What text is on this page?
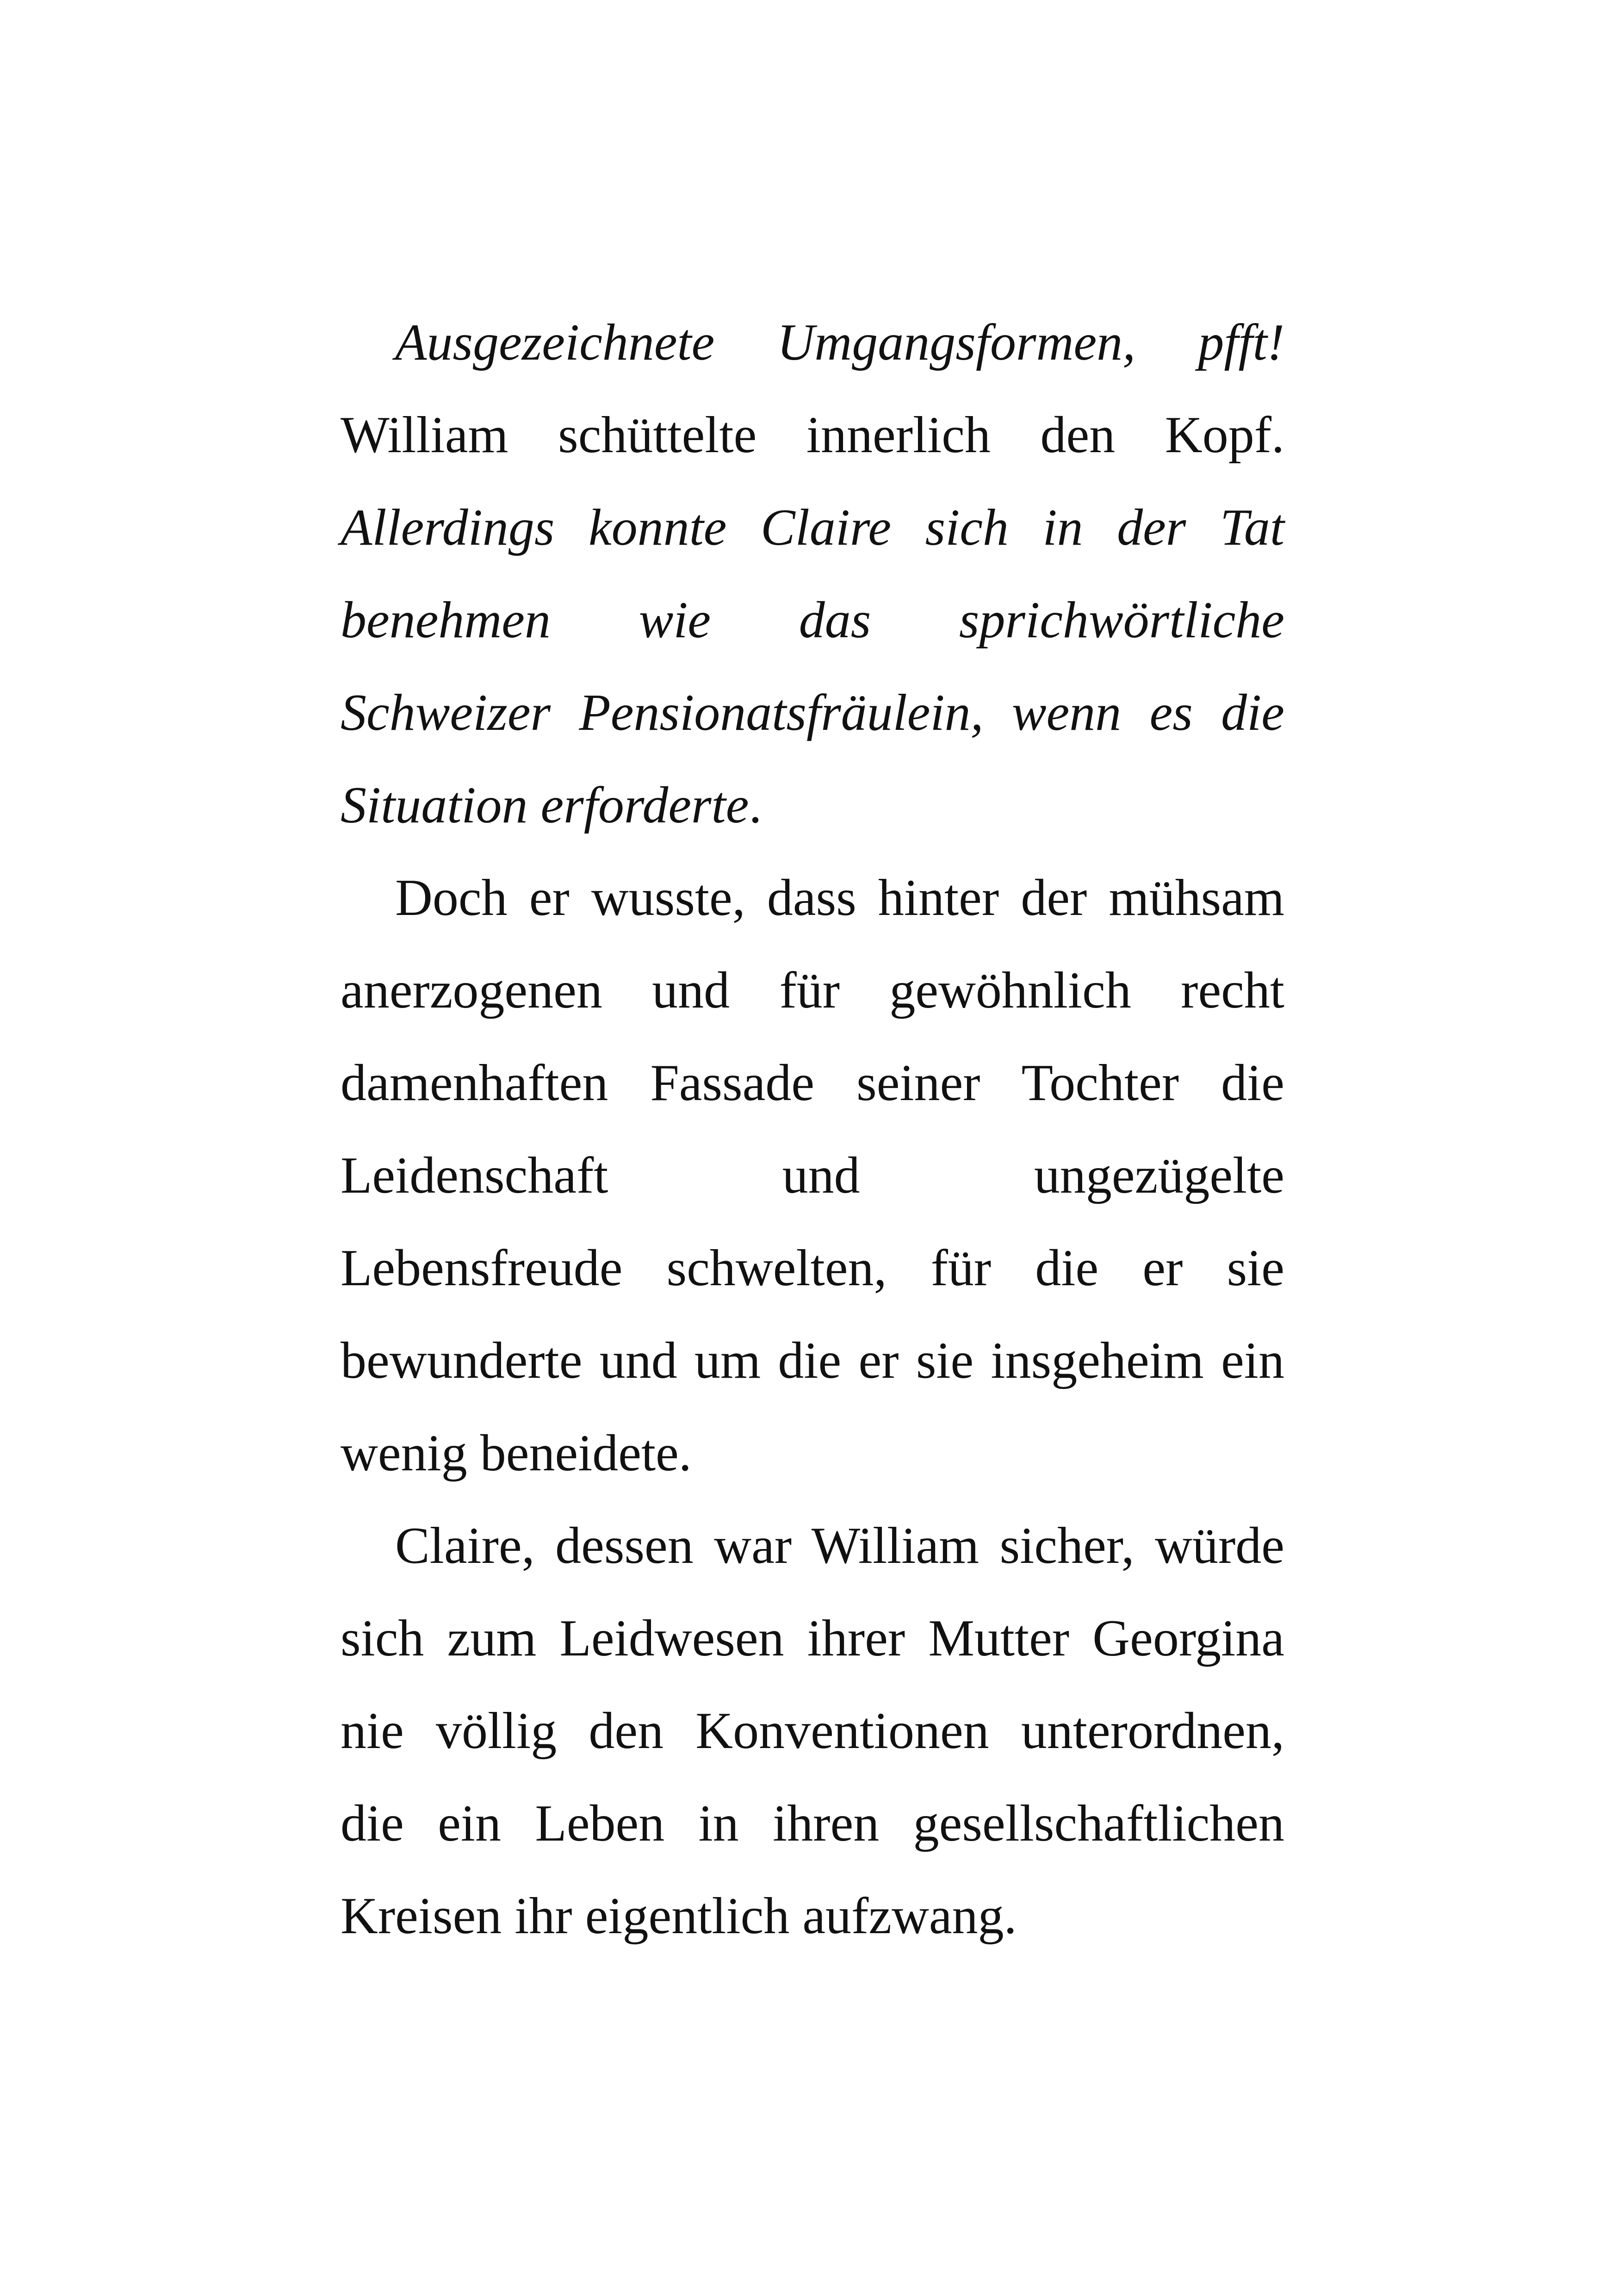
Ausgezeichnete Umgangsformen, pfft!
William schüttelte innerlich den Kopf.
Allerdings konnte Claire sich in der Tat
benehmen wie das sprichwörtliche
Schweizer Pensionatsfräulein, wenn es die
Situation erforderte.
Doch er wusste, dass hinter der mühsam
anerzogenen und für gewöhnlich recht
damenhaften Fassade seiner Tochter die
Leidenschaft und ungezügelte
Lebensfreude schwelten, für die er sie
bewunderte und um die er sie insgeheim ein
wenig beneidete.
Claire, dessen war William sicher, würde
sich zum Leidwesen ihrer Mutter Georgina
nie völlig den Konventionen unterordnen,
die ein Leben in ihren gesellschaftlichen
Kreisen ihr eigentlich aufzwang.
